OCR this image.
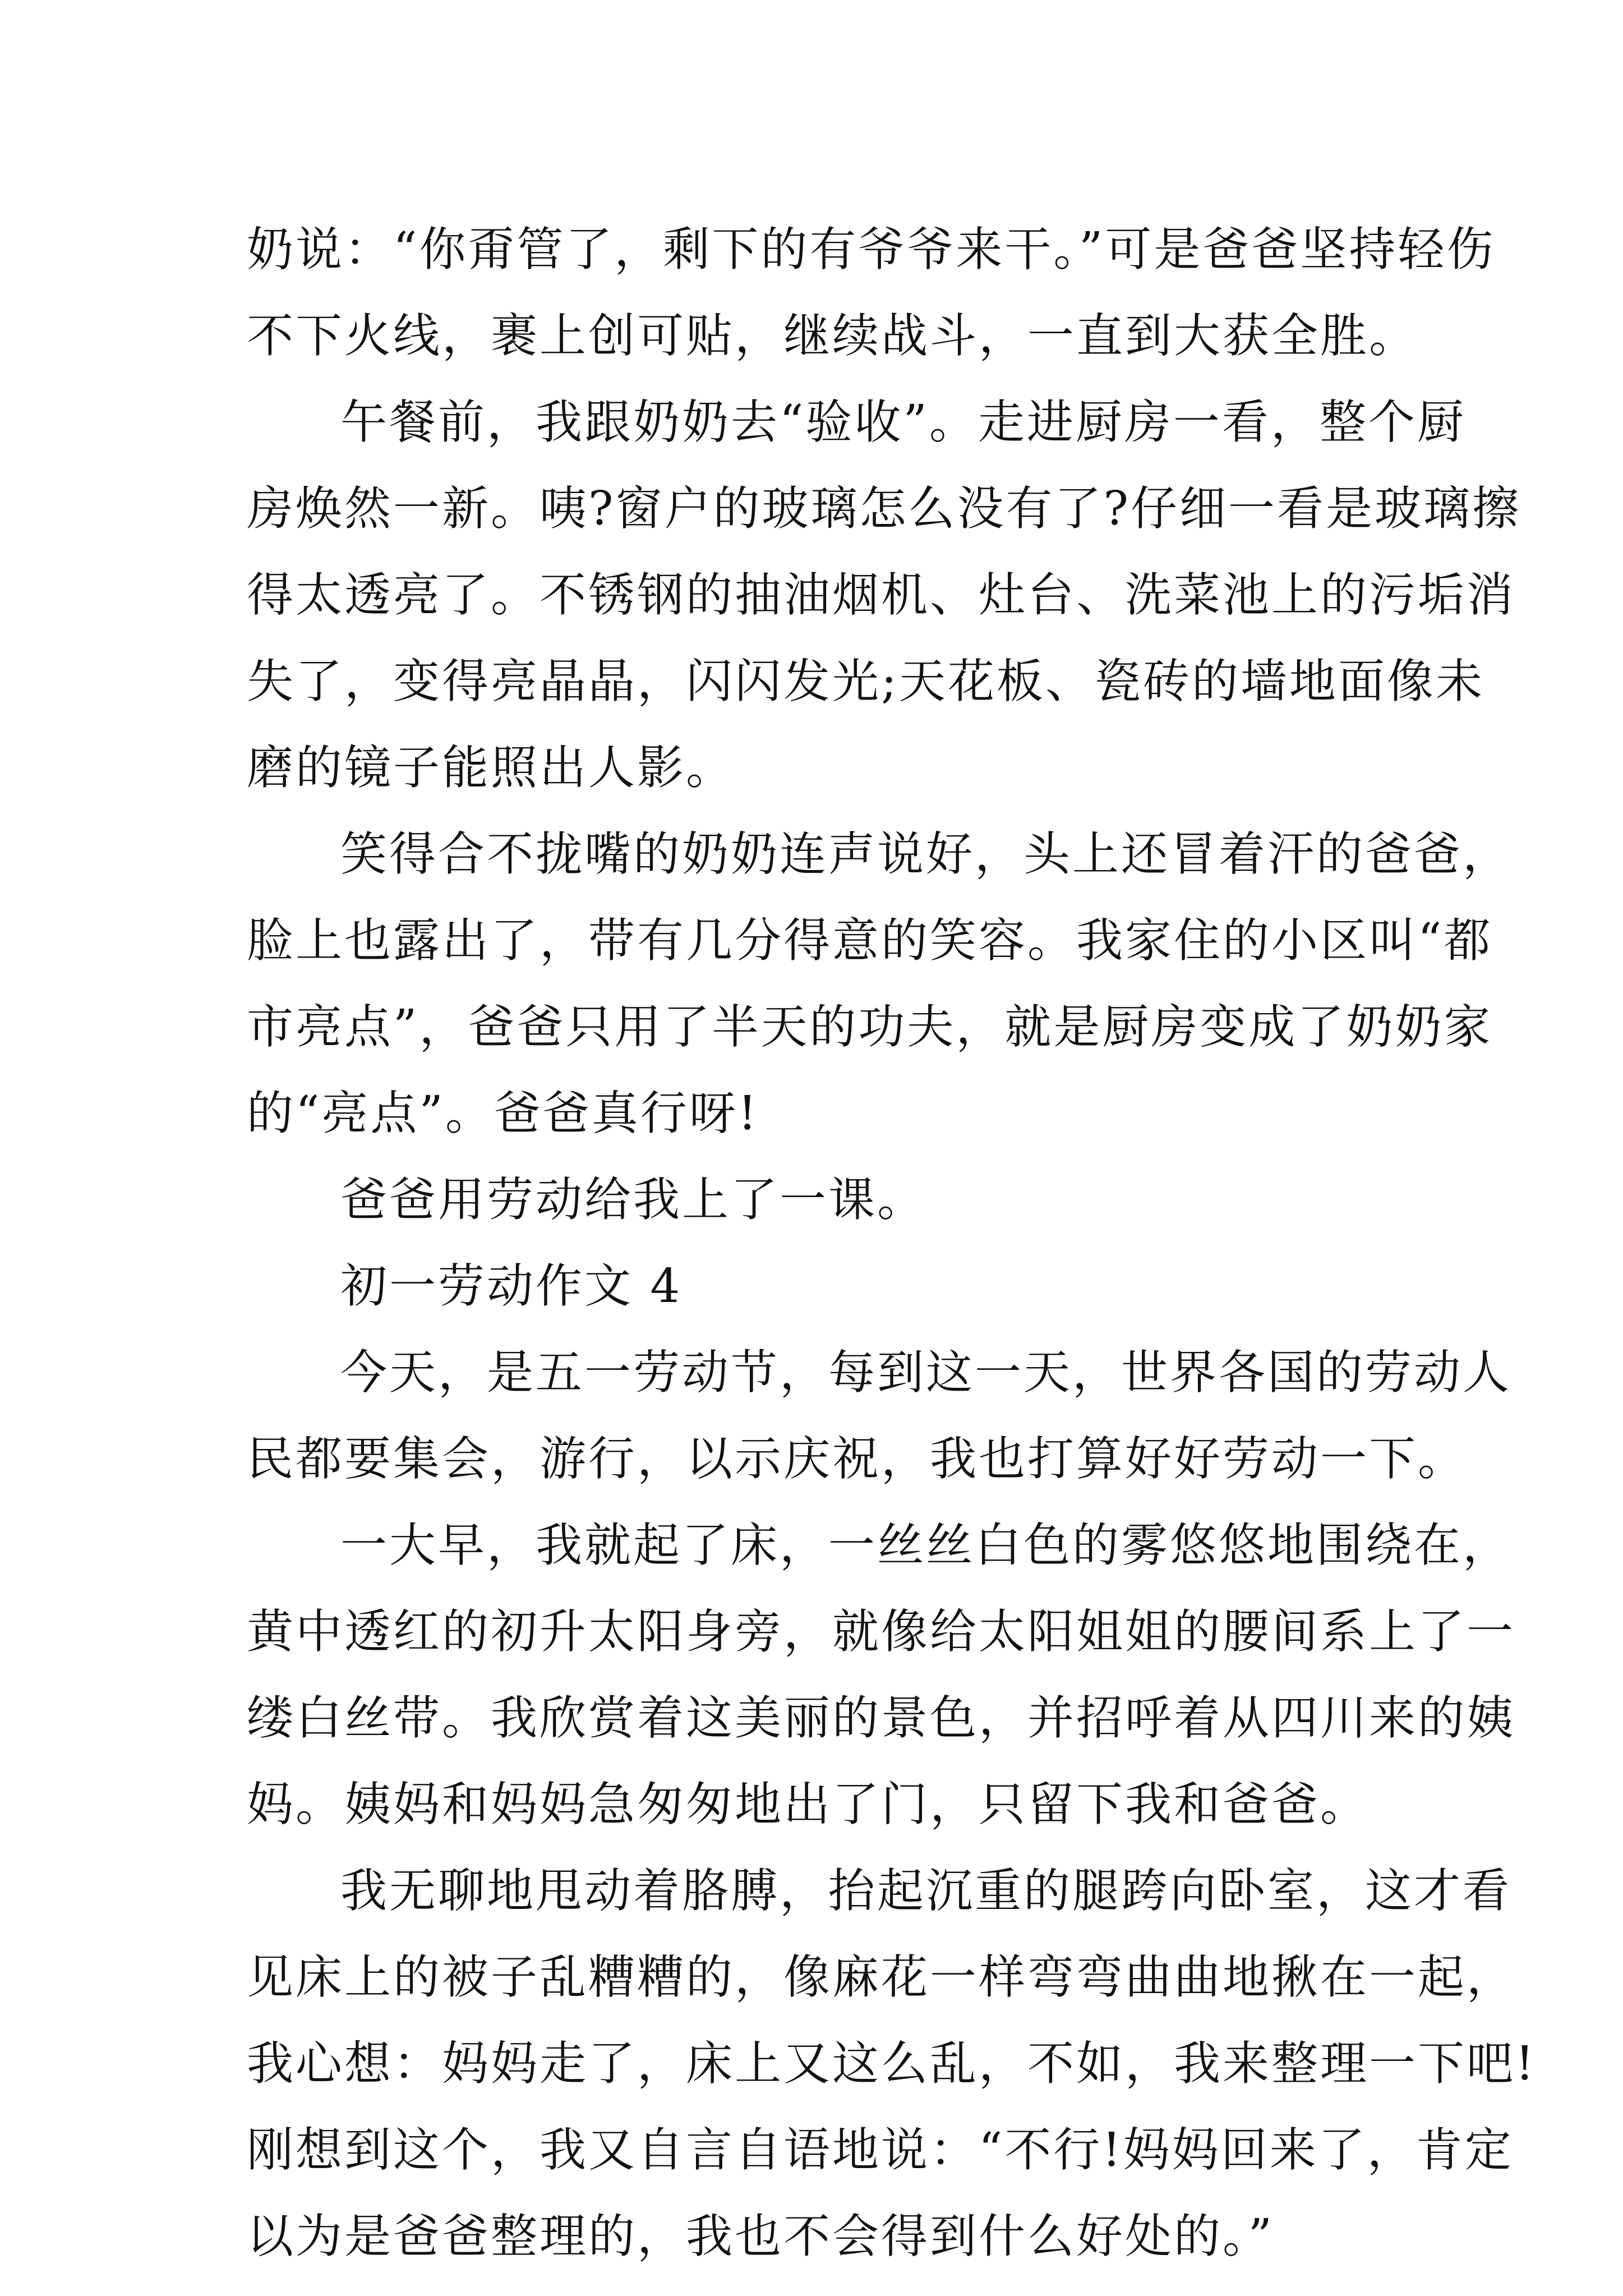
奶说：“你甭管了，剩下的有爷爷来干。”可是爸爸坚持轻伤
不下火线，裹上创可贴，继续战斗，一直到大获全胜。
午餐前，我跟奶奶去“验收”。走进厨房一看，整个厨
房焕然一新。咦?窗户的玻璃怎么没有了?仔细一看是玻璃擦
得太透亮了。不锈钢的抽油烟机、灶台、洗菜池上的污垢消
失了，变得亮晶晶，闪闪发光;天花板、瓷砖的墙地面像未
磨的镜子能照出人影。
笑得合不拢嘴的奶奶连声说好，头上还冒着汗的爸爸，
脸上也露出了，带有几分得意的笑容。我家住的小区叫“都
市亮点”，爸爸只用了半天的功夫，就是厨房变成了奶奶家
的“亮点”。爸爸真行呀!
爸爸用劳动给我上了一课。
初一劳动作文 4
今天，是五一劳动节，每到这一天，世界各国的劳动人
民都要集会，游行，以示庆祝，我也打算好好劳动一下。
一大早，我就起了床，一丝丝白色的雾悠悠地围绕在，
黄中透红的初升太阳身旁，就像给太阳姐姐的腰间系上了一
缕白丝带。我欣赏着这美丽的景色，并招呼着从四川来的姨
妈。姨妈和妈妈急匆匆地出了门，只留下我和爸爸。
我无聊地甩动着胳膊，抬起沉重的腿跨向卧室，这才看
见床上的被子乱糟糟的，像麻花一样弯弯曲曲地揪在一起，
我心想：妈妈走了，床上又这么乱，不如，我来整理一下吧!
刚想到这个，我又自言自语地说：“不行!妈妈回来了，肯定
以为是爸爸整理的，我也不会得到什么好处的。”
